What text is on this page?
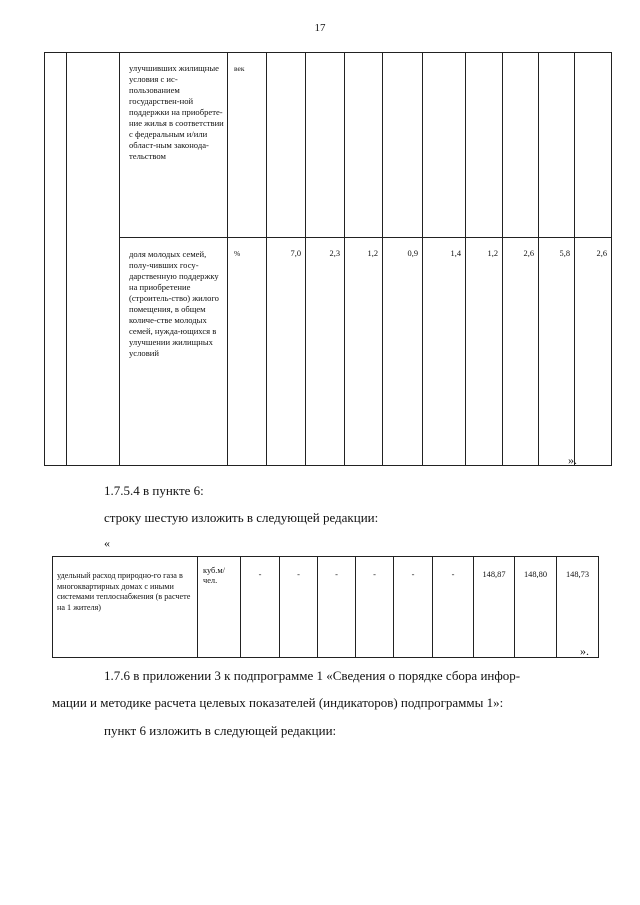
17
		улучшивших жилищные условия с ис-пользованием государствен-ной поддержки на приобрете-ние жилья в соответствии с федеральным и/или област-ным законода-тельством	век									
		доля молодых семей, полу-чивших госу-дарственную поддержку на приобретение (строитель-ство) жилого помещения, в общем количе-стве молодых семей, нужда-ющихся в улучшении жилищных условий	%	7,0	2,3	1,2	0,9	1,4	1,2	2,6	5,8	2,6
».
1.7.5.4 в пункте 6:
строку шестую изложить в следующей редакции:
«
удельный расход природно-го газа в многоквартирных домах с иными системами теплоснабжения (в расчете на 1 жителя)	куб.м/ чел.	-	-	-	-	-	-	148,87	148,80	148,73
».
1.7.6 в приложении 3 к подпрограмме 1 «Сведения о порядке сбора инфор-
мации и методике расчета целевых показателей (индикаторов) подпрограммы 1»:
пункт 6 изложить в следующей редакции:
